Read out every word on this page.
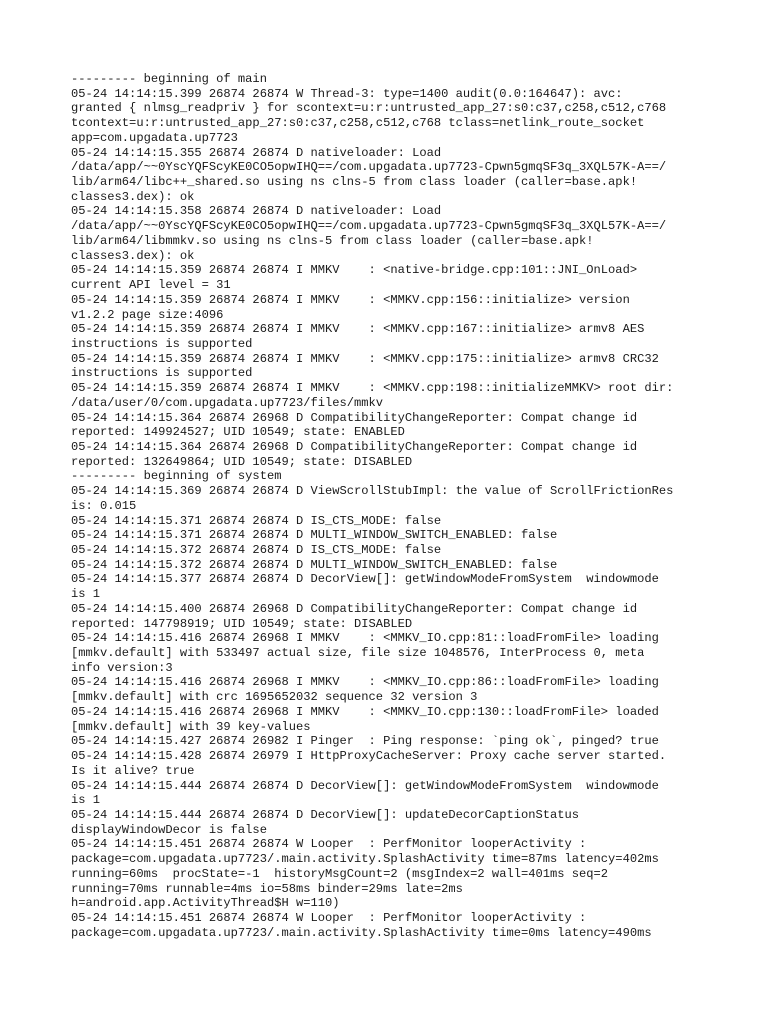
--------- beginning of main
05-24 14:14:15.399 26874 26874 W Thread-3: type=1400 audit(0.0:164647): avc:
granted { nlmsg_readpriv } for scontext=u:r:untrusted_app_27:s0:c37,c258,c512,c768
tcontext=u:r:untrusted_app_27:s0:c37,c258,c512,c768 tclass=netlink_route_socket
app=com.upgadata.up7723
05-24 14:14:15.355 26874 26874 D nativeloader: Load
/data/app/~~0YscYQFScyKE0CO5opwIHQ==/com.upgadata.up7723-Cpwn5gmqSF3q_3XQL57K-A==/
lib/arm64/libc++_shared.so using ns clns-5 from class loader (caller=base.apk!
classes3.dex): ok
05-24 14:14:15.358 26874 26874 D nativeloader: Load
/data/app/~~0YscYQFScyKE0CO5opwIHQ==/com.upgadata.up7723-Cpwn5gmqSF3q_3XQL57K-A==/
lib/arm64/libmmkv.so using ns clns-5 from class loader (caller=base.apk!
classes3.dex): ok
05-24 14:14:15.359 26874 26874 I MMKV    : <native-bridge.cpp:101::JNI_OnLoad>
current API level = 31
05-24 14:14:15.359 26874 26874 I MMKV    : <MMKV.cpp:156::initialize> version
v1.2.2 page size:4096
05-24 14:14:15.359 26874 26874 I MMKV    : <MMKV.cpp:167::initialize> armv8 AES
instructions is supported
05-24 14:14:15.359 26874 26874 I MMKV    : <MMKV.cpp:175::initialize> armv8 CRC32
instructions is supported
05-24 14:14:15.359 26874 26874 I MMKV    : <MMKV.cpp:198::initializeMMKV> root dir:
/data/user/0/com.upgadata.up7723/files/mmkv
05-24 14:14:15.364 26874 26968 D CompatibilityChangeReporter: Compat change id
reported: 149924527; UID 10549; state: ENABLED
05-24 14:14:15.364 26874 26968 D CompatibilityChangeReporter: Compat change id
reported: 132649864; UID 10549; state: DISABLED
--------- beginning of system
05-24 14:14:15.369 26874 26874 D ViewScrollStubImpl: the value of ScrollFrictionRes
is: 0.015
05-24 14:14:15.371 26874 26874 D IS_CTS_MODE: false
05-24 14:14:15.371 26874 26874 D MULTI_WINDOW_SWITCH_ENABLED: false
05-24 14:14:15.372 26874 26874 D IS_CTS_MODE: false
05-24 14:14:15.372 26874 26874 D MULTI_WINDOW_SWITCH_ENABLED: false
05-24 14:14:15.377 26874 26874 D DecorView[]: getWindowModeFromSystem  windowmode
is 1
05-24 14:14:15.400 26874 26968 D CompatibilityChangeReporter: Compat change id
reported: 147798919; UID 10549; state: DISABLED
05-24 14:14:15.416 26874 26968 I MMKV    : <MMKV_IO.cpp:81::loadFromFile> loading
[mmkv.default] with 533497 actual size, file size 1048576, InterProcess 0, meta
info version:3
05-24 14:14:15.416 26874 26968 I MMKV    : <MMKV_IO.cpp:86::loadFromFile> loading
[mmkv.default] with crc 1695652032 sequence 32 version 3
05-24 14:14:15.416 26874 26968 I MMKV    : <MMKV_IO.cpp:130::loadFromFile> loaded
[mmkv.default] with 39 key-values
05-24 14:14:15.427 26874 26982 I Pinger  : Ping response: `ping ok`, pinged? true
05-24 14:14:15.428 26874 26979 I HttpProxyCacheServer: Proxy cache server started.
Is it alive? true
05-24 14:14:15.444 26874 26874 D DecorView[]: getWindowModeFromSystem  windowmode
is 1
05-24 14:14:15.444 26874 26874 D DecorView[]: updateDecorCaptionStatus
displayWindowDecor is false
05-24 14:14:15.451 26874 26874 W Looper  : PerfMonitor looperActivity :
package=com.upgadata.up7723/.main.activity.SplashActivity time=87ms latency=402ms
running=60ms  procState=-1  historyMsgCount=2 (msgIndex=2 wall=401ms seq=2
running=70ms runnable=4ms io=58ms binder=29ms late=2ms
h=android.app.ActivityThread$H w=110)
05-24 14:14:15.451 26874 26874 W Looper  : PerfMonitor looperActivity :
package=com.upgadata.up7723/.main.activity.SplashActivity time=0ms latency=490ms
